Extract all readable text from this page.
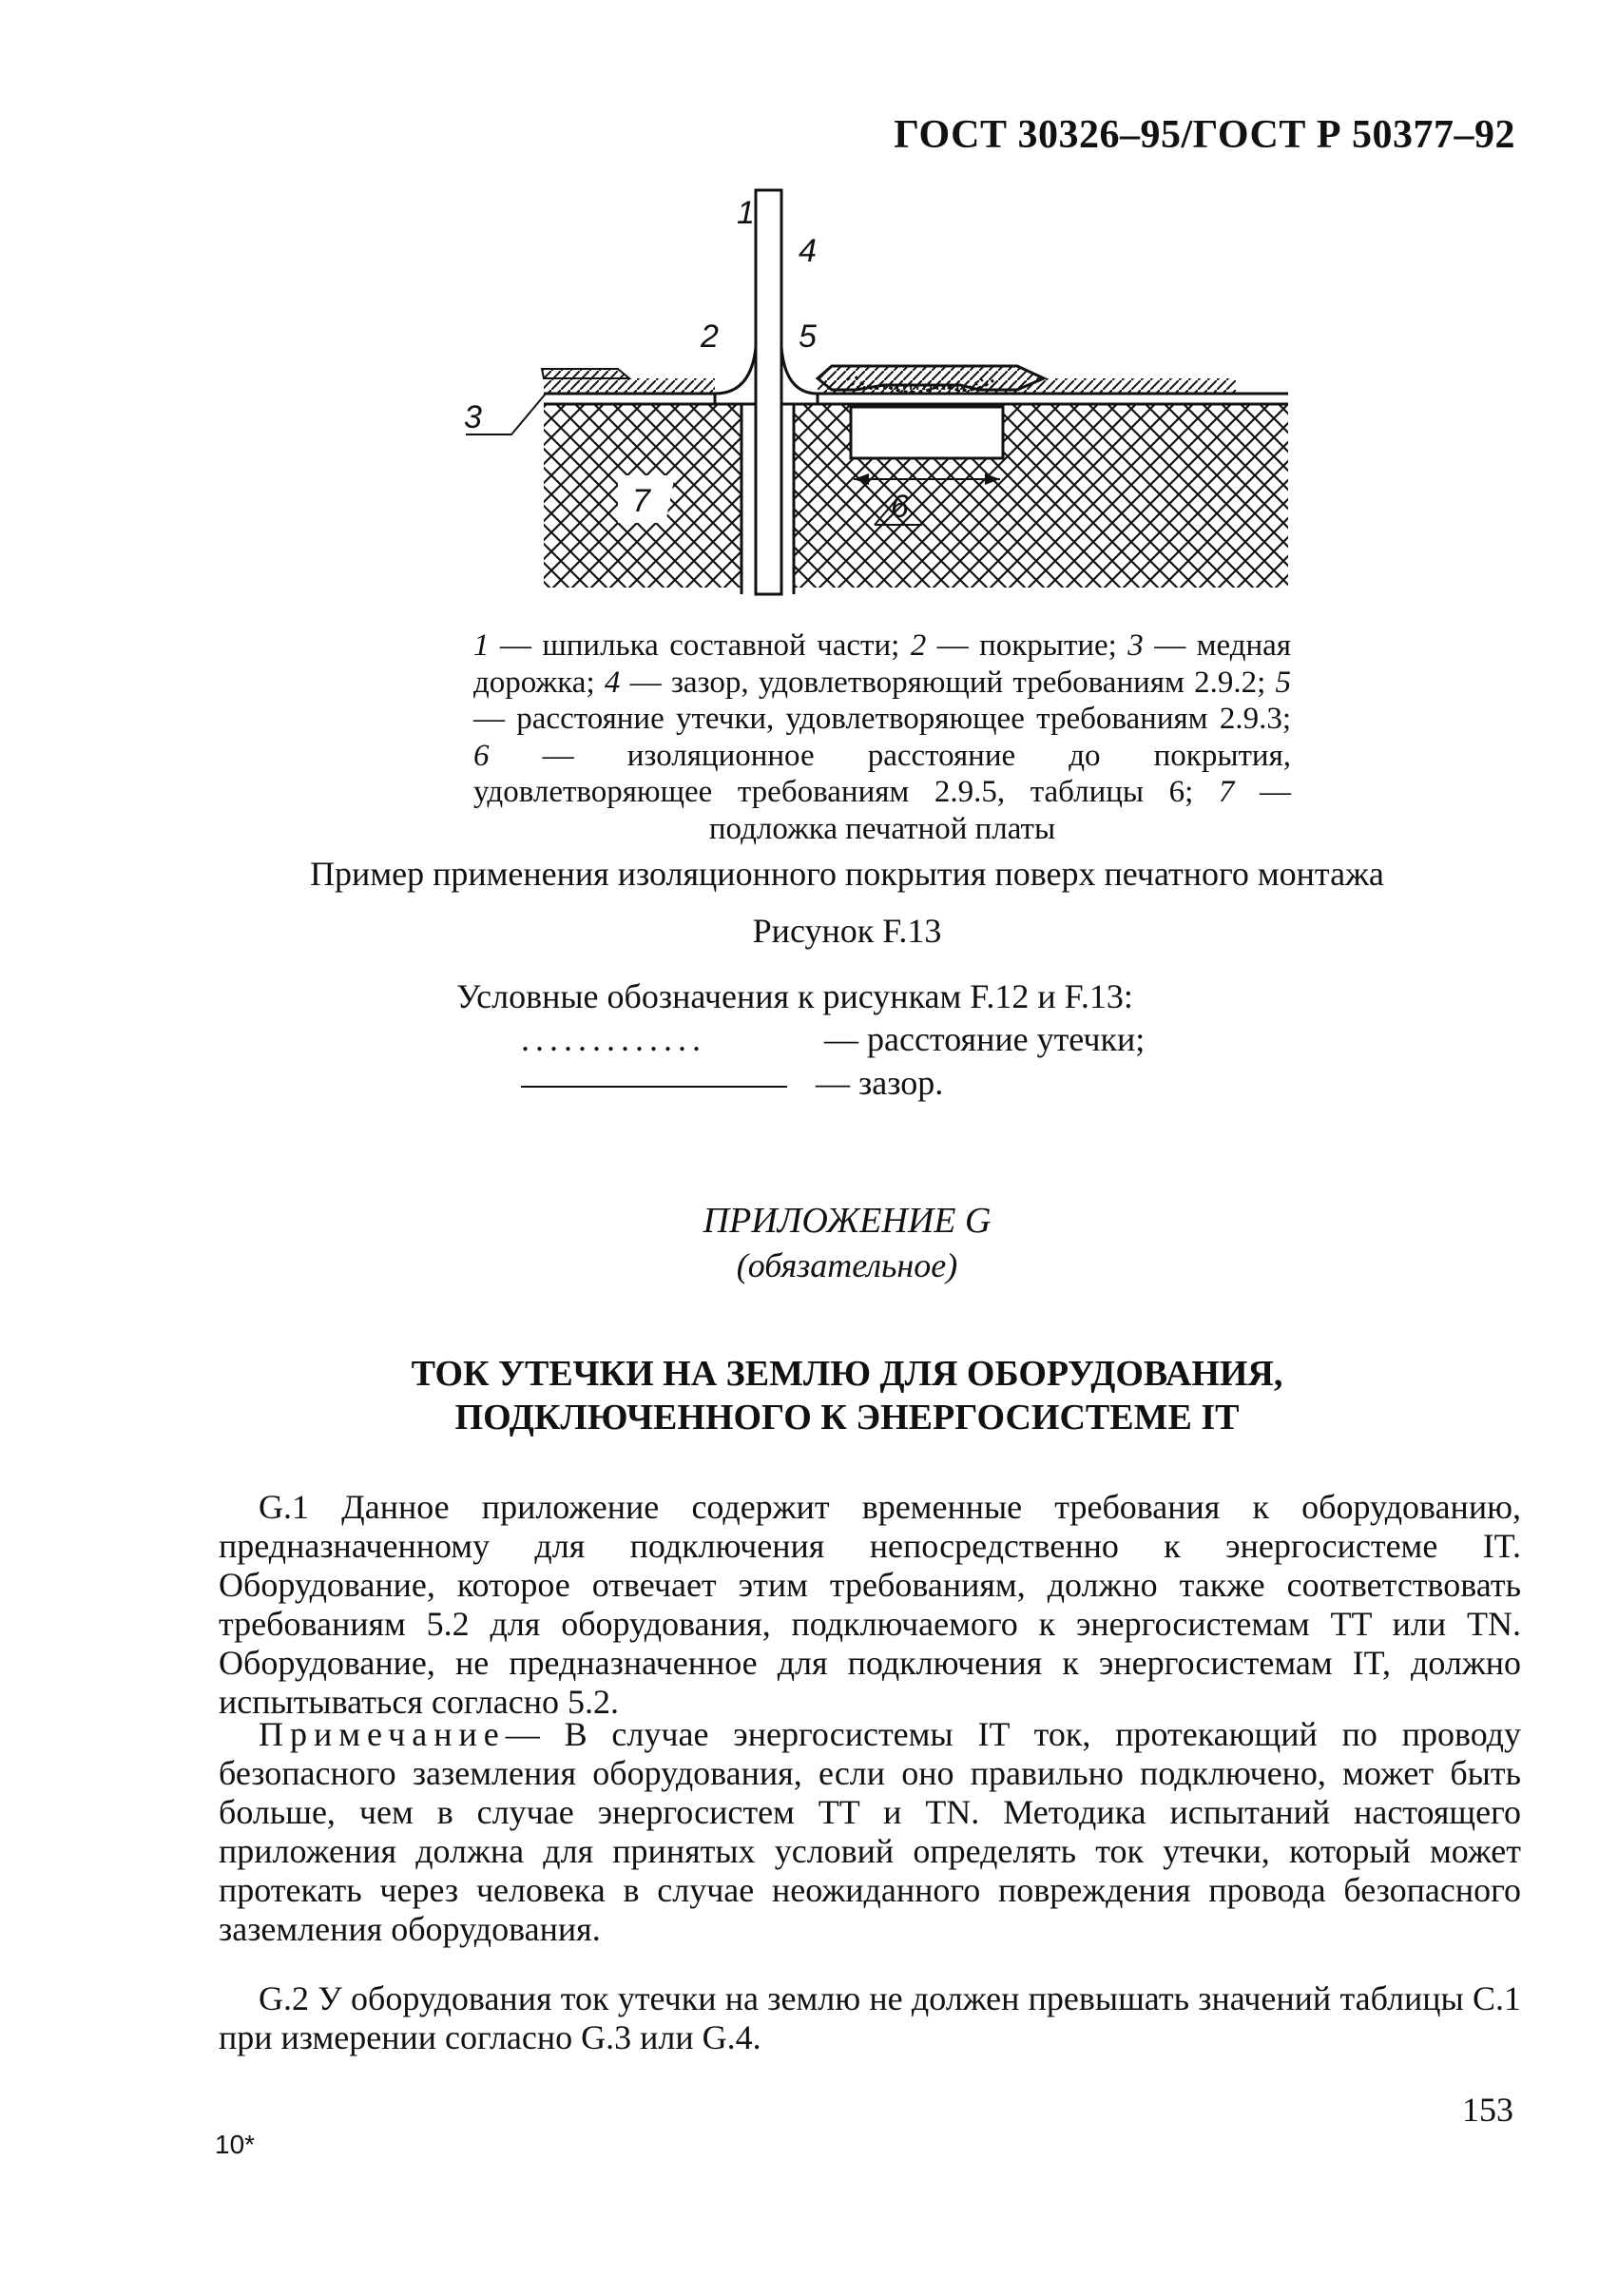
ГОСТ 30326–95/ГОСТ Р 50377–92
1
4
2 5
3
7	6
1 — шпилька составной части; 2 — покрытие; 3 — медная дорожка; 4 — зазор, удовлетворяющий требованиям 2.9.2; 5 — расстояние утечки, удовлетворяющее требованиям 2.9.3; 6 — изоляционное расстояние до покрытия, удовлетворяющее требованиям 2.9.5, таблицы 6; 7 — подложка печатной платы
Пример применения изоляционного покрытия поверх печатного монтажа
Рисунок F.13
Условные обозначения к рисункам F.12 и F.13:
.............	— расстояние утечки;
— зазор.
ПРИЛОЖЕНИЕ G
(обязательное)
ТОК УТЕЧКИ НА ЗЕМЛЮ ДЛЯ ОБОРУДОВАНИЯ,
ПОДКЛЮЧЕННОГО К ЭНЕРГОСИСТЕМЕ IT
G.1 Данное приложение содержит временные требования к оборудованию, предназначенному для подключения непосредственно к энергосистеме IT. Оборудование, которое отвечает этим требованиям, должно также соответствовать требованиям 5.2 для оборудования, подключаемого к энергосистемам TT или TN. Оборудование, не предназначенное для подключения к энергосистемам IT, должно испытываться согласно 5.2.
Примечание— В случае энергосистемы IT ток, протекающий по проводу безопасного заземления оборудования, если оно правильно подключено, может быть больше, чем в случае энергосистем TT и TN. Методика испытаний настоящего приложения должна для принятых условий определять ток утечки, который может протекать через человека в случае неожиданного повреждения провода безопасного заземления оборудования.
G.2 У оборудования ток утечки на землю не должен превышать значений таблицы C.1 при измерении согласно G.3 или G.4.
153
10*
